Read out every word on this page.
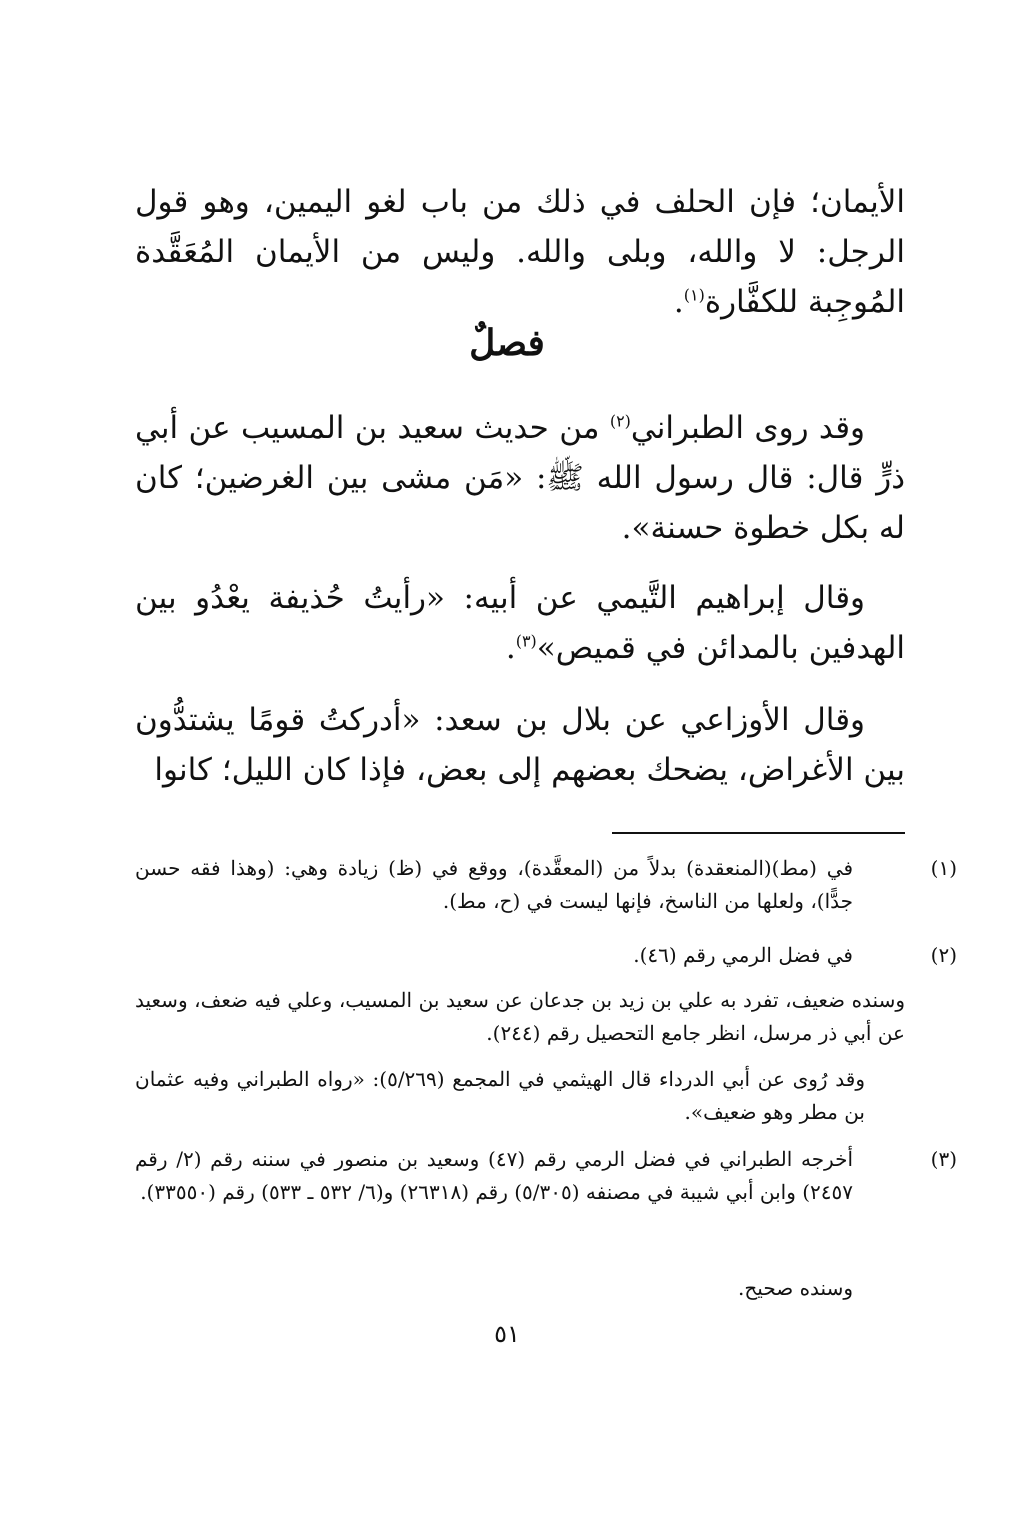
الأيمان؛ فإن الحلف في ذلك من باب لغو اليمين، وهو قول الرجل: لا والله، وبلى والله. وليس من الأيمان المُعَقَّدة المُوجِبة للكفَّارة$^{(١)}$.
فصلٌ
وقد روى الطبراني$^{(٢)}$ من حديث سعيد بن المسيب عن أبي ذرٍّ قال: قال رسول الله ﷺ: «مَن مشى بين الغرضين؛ كان له بكل خطوة حسنة».
وقال إبراهيم التَّيمي عن أبيه: «رأيتُ حُذيفة يعْدُو بين الهدفين بالمدائن في قميص»$^{(٣)}$.
وقال الأوزاعي عن بلال بن سعد: «أدركتُ قومًا يشتدُّون بين الأغراض، يضحك بعضهم إلى بعض، فإذا كان الليل؛ كانوا
(١)في (مط)(المنعقدة) بدلاً من (المعقَّدة)، ووقع في (ظ) زيادة وهي: (وهذا فقه حسن جدًّا)، ولعلها من الناسخ، فإنها ليست في (ح، مط).
(٢)في فضل الرمي رقم (٤٦).
وسنده ضعيف، تفرد به علي بن زيد بن جدعان عن سعيد بن المسيب، وعلي فيه ضعف، وسعيد عن أبي ذر مرسل، انظر جامع التحصيل رقم (٢٤٤).
وقد رُوى عن أبي الدرداء قال الهيثمي في المجمع (٥/٢٦٩): «رواه الطبراني وفيه عثمان بن مطر وهو ضعيف».
(٣)أخرجه الطبراني في فضل الرمي رقم (٤٧) وسعيد بن منصور في سننه رقم (٢/ رقم ٢٤٥٧) وابن أبي شيبة في مصنفه (٥/٣٠٥) رقم (٢٦٣١٨) و(٦/ ٥٣٢ ـ ٥٣٣) رقم (٣٣٥٥٠).
وسنده صحيح.
٥١
